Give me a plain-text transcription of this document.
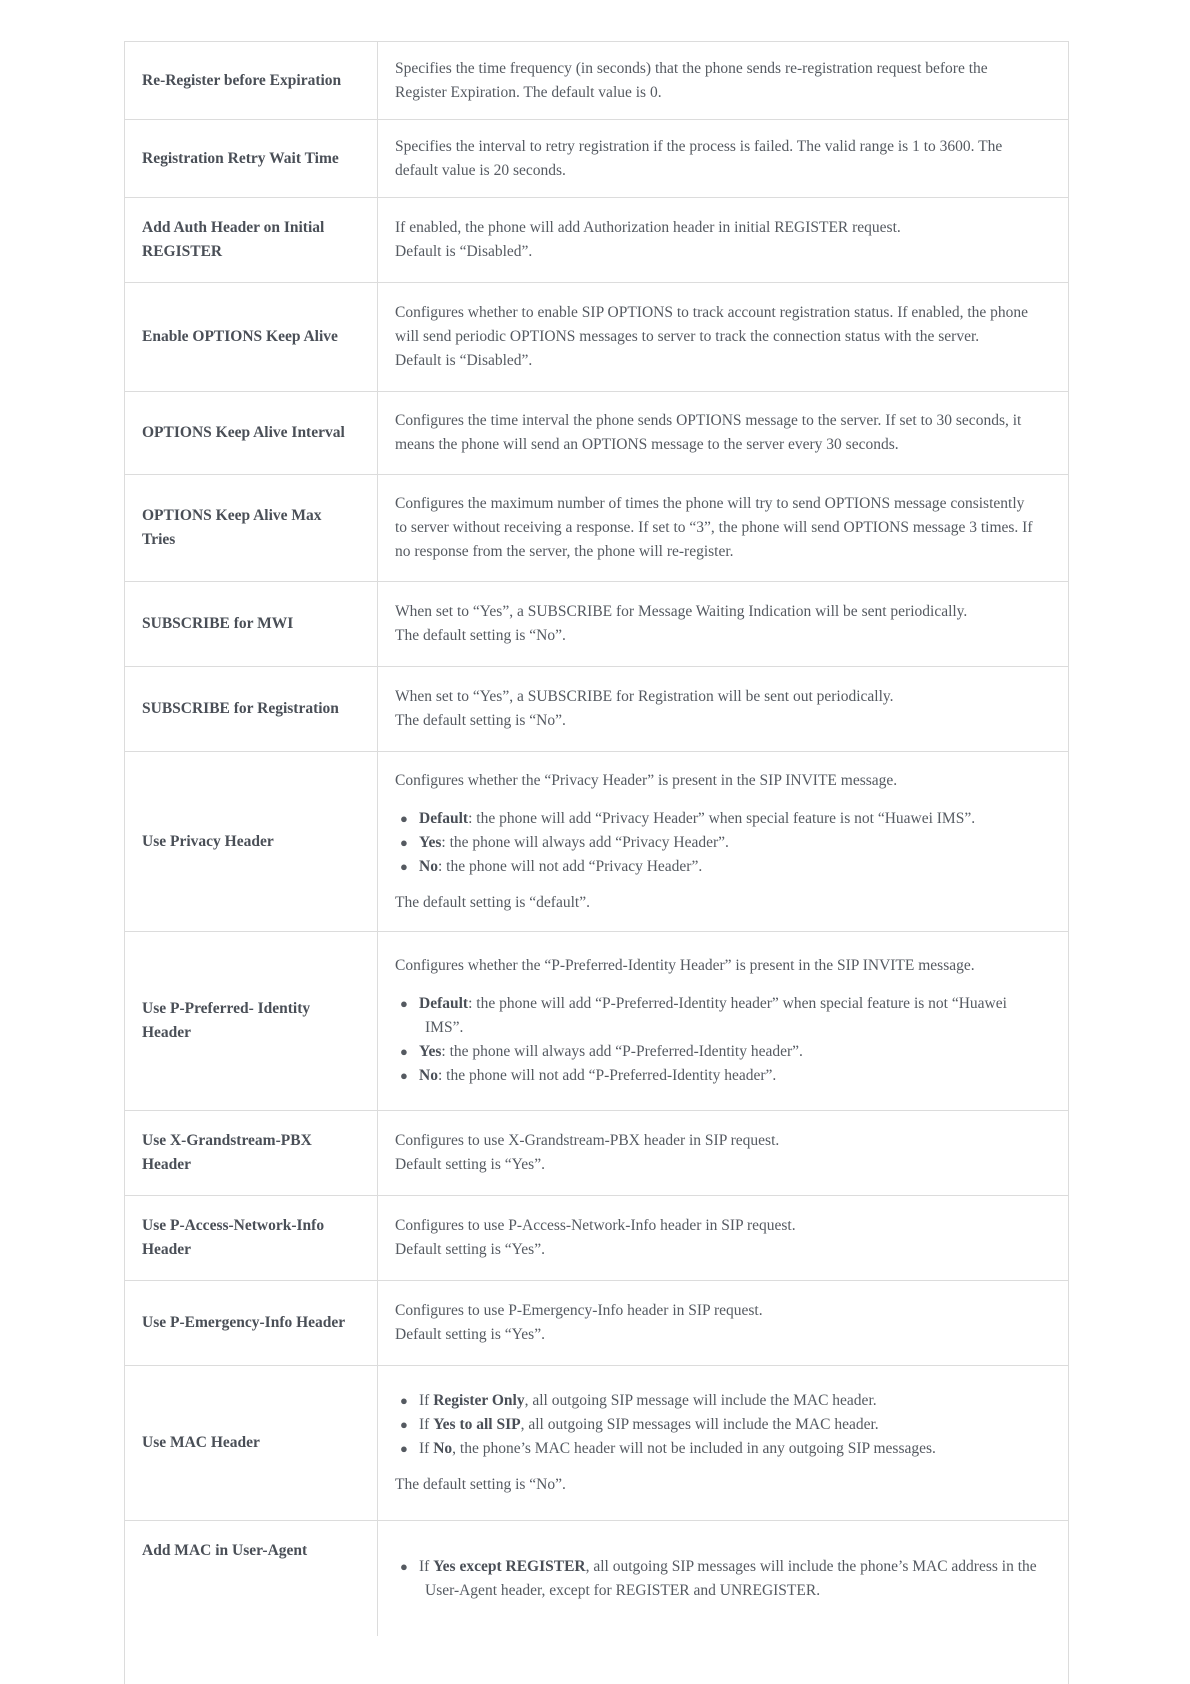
Re-Register before Expiration

Specifies the time frequency (in seconds) that the phone sends re-registration request before the

Register Expiration. The default value is 0.

Registration Retry Wait Time

Specifies the interval to retry registration if the process is failed. The valid range is 1 to 3600. The

default value is 20 seconds.

Add Auth Header on Initial
REGISTER

If enabled, the phone will add Authorization header in initial REGISTER request.

Default is “Disabled”.

Enable OPTIONS Keep Alive

Configures whether to enable SIP OPTIONS to track account registration status. If enabled, the phone

will send periodic OPTIONS messages to server to track the connection status with the server.

Default is “Disabled”.

OPTIONS Keep Alive Interval

Configures the time interval the phone sends OPTIONS message to the server. If set to 30 seconds, it

means the phone will send an OPTIONS message to the server every 30 seconds.

OPTIONS Keep Alive Max
Tries

Configures the maximum number of times the phone will try to send OPTIONS message consistently

to server without receiving a response. If set to “3”, the phone will send OPTIONS message 3 times. If

no response from the server, the phone will re-register.

SUBSCRIBE for MWI

When set to “Yes”, a SUBSCRIBE for Message Waiting Indication will be sent periodically.

The default setting is “No”.

SUBSCRIBE for Registration

When set to “Yes”, a SUBSCRIBE for Registration will be sent out periodically.

The default setting is “No”.

Use Privacy Header

Configures whether the “Privacy Header” is present in the SIP INVITE message.

● Default: the phone will add “Privacy Header” when special feature is not “Huawei IMS”.
● Yes: the phone will always add “Privacy Header”.
● No: the phone will not add “Privacy Header”.

The default setting is “default”.

Use P-Preferred- Identity
Header

Configures whether the “P-Preferred-Identity Header” is present in the SIP INVITE message.

● Default: the phone will add “P-Preferred-Identity header” when special feature is not “Huawei
IMS”.
● Yes: the phone will always add “P-Preferred-Identity header”.
● No: the phone will not add “P-Preferred-Identity header”.
Use X-Grandstream-PBX
Header

Configures to use X-Grandstream-PBX header in SIP request.

Default setting is “Yes”.

Use P-Access-Network-Info
Header

Configures to use P-Access-Network-Info header in SIP request.

Default setting is “Yes”.

Use P-Emergency-Info Header

Configures to use P-Emergency-Info header in SIP request.

Default setting is “Yes”.

Use MAC Header
● If Register Only, all outgoing SIP message will include the MAC header.
● If Yes to all SIP, all outgoing SIP messages will include the MAC header.
● If No, the phone’s MAC header will not be included in any outgoing SIP messages.

The default setting is “No”.

Add MAC in User-Agent
● If Yes except REGISTER, all outgoing SIP messages will include the phone’s MAC address in the
User-Agent header, except for REGISTER and UNREGISTER.
